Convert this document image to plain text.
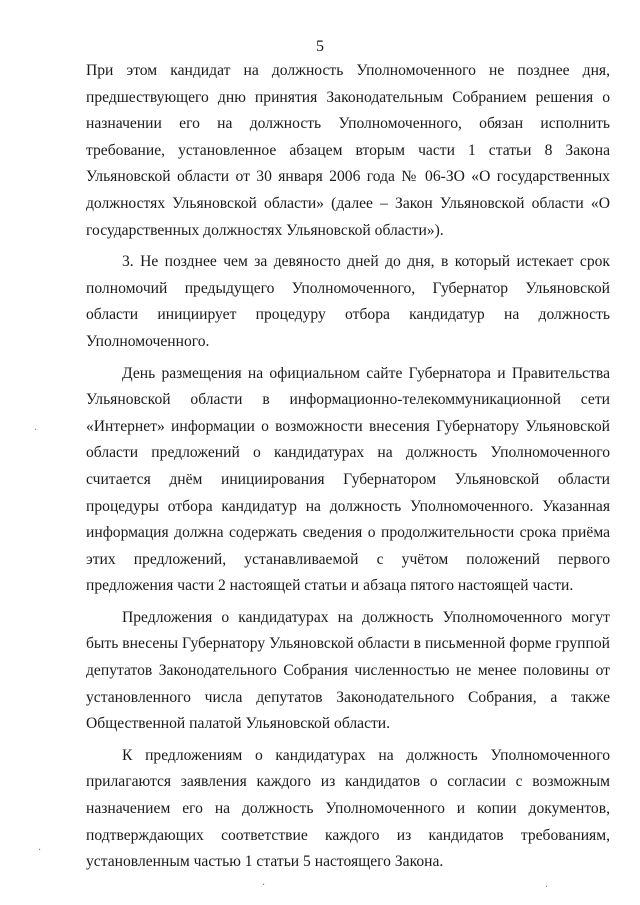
5

При этом кандидат на должность Уполномоченного не позднее дня, предшествующего дню принятия Законодательным Собранием решения о назначении его на должность Уполномоченного, обязан исполнить требование, установленное абзацем вторым части 1 статьи 8 Закона Ульяновской области от 30 января 2006 года № 06-ЗО «О государственных должностях Ульяновской области» (далее – Закон Ульяновской области «О государственных должностях Ульяновской области»).

3. Не позднее чем за девяносто дней до дня, в который истекает срок полномочий предыдущего Уполномоченного, Губернатор Ульяновской области инициирует процедуру отбора кандидатур на должность Уполномоченного.

День размещения на официальном сайте Губернатора и Правительства Ульяновской области в информационно-телекоммуникационной сети «Интернет» информации о возможности внесения Губернатору Ульяновской области предложений о кандидатурах на должность Уполномоченного считается днём инициирования Губернатором Ульяновской области процедуры отбора кандидатур на должность Уполномоченного. Указанная информация должна содержать сведения о продолжительности срока приёма этих предложений, устанавливаемой с учётом положений первого предложения части 2 настоящей статьи и абзаца пятого настоящей части.

Предложения о кандидатурах на должность Уполномоченного могут быть внесены Губернатору Ульяновской области в письменной форме группой депутатов Законодательного Собрания численностью не менее половины от установленного числа депутатов Законодательного Собрания, а также Общественной палатой Ульяновской области.

К предложениям о кандидатурах на должность Уполномоченного прилагаются заявления каждого из кандидатов о согласии с возможным назначением его на должность Уполномоченного и копии документов, подтверждающих соответствие каждого из кандидатов требованиям, установленным частью 1 статьи 5 настоящего Закона.

·
·
·	·
